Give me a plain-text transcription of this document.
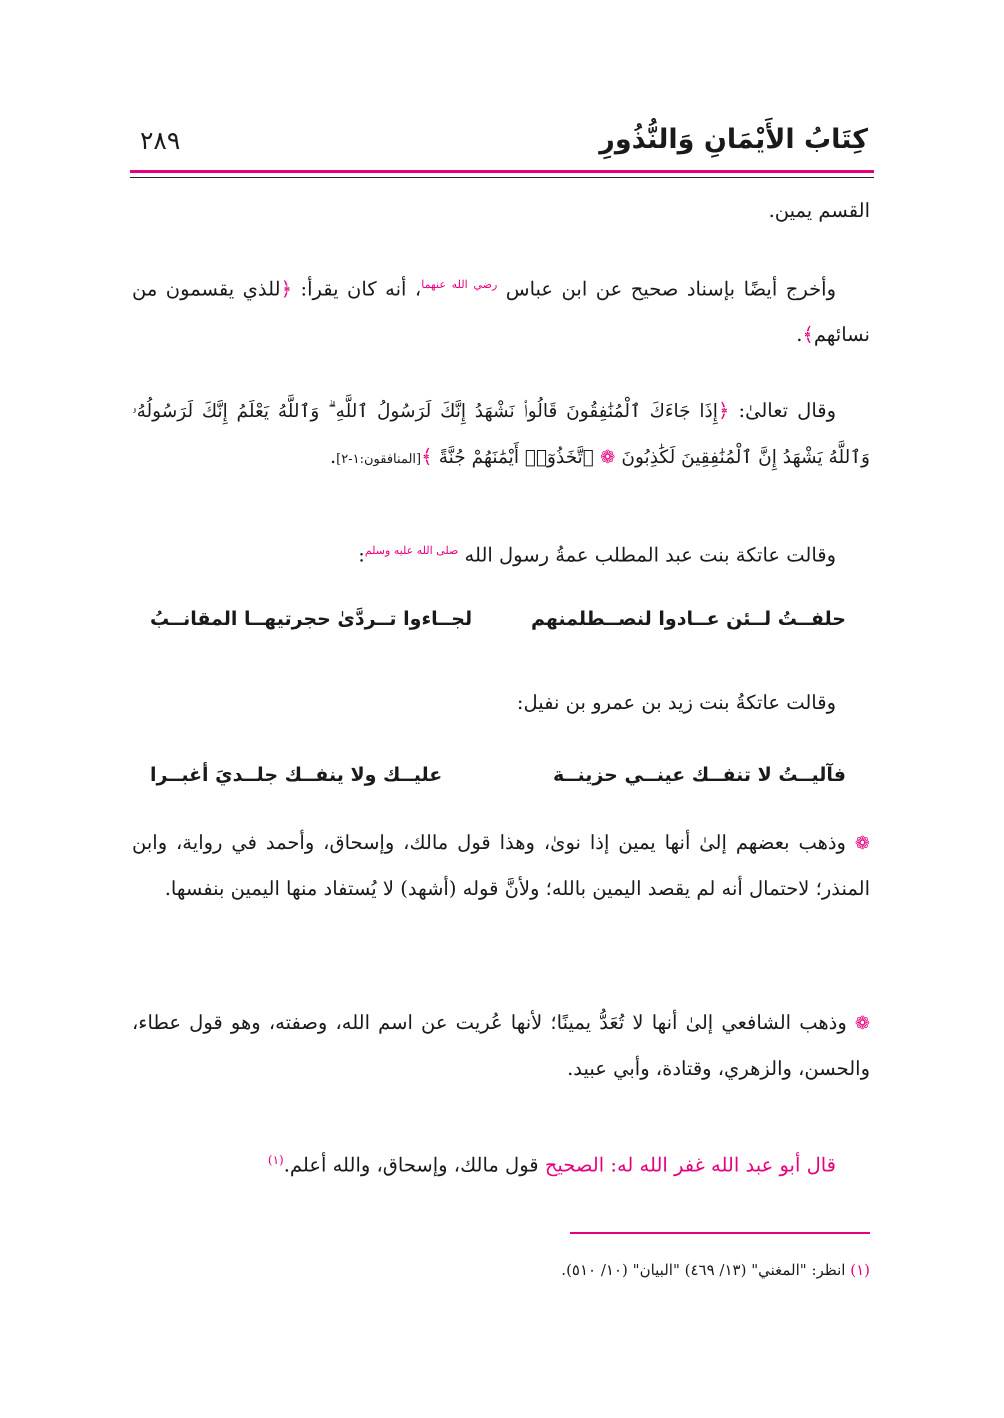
كِتَابُ الأَيْمَانِ وَالنُّذُورِ
٢٨٩
القسم يمين.
وأخرج أيضًا بإسناد صحيح عن ابن عباس $^{رضي الله عنهما}$، أنه كان يقرأ: ﴿للذي يقسمون من نسائهم﴾.
وقال تعالىٰ: ﴿إِذَا جَاءَكَ ٱلْمُنَٰفِقُونَ قَالُوا۟ نَشْهَدُ إِنَّكَ لَرَسُولُ ٱللَّهِ ۗ وَٱللَّهُ يَعْلَمُ إِنَّكَ لَرَسُولُهُۥ وَٱللَّهُ يَشْهَدُ إِنَّ ٱلْمُنَٰفِقِينَ لَكَٰذِبُونَ ❁ ٱتَّخَذُوٓا۟ أَيْمَٰنَهُمْ جُنَّةً ﴾[المنافقون:١-٢].
وقالت عاتكة بنت عبد المطلب عمةُ رسول الله $^{صلى الله عليه وسلم}$:
حلفــتُ لــئن عــادوا لنصــطلمنهم
لجــاءوا تــردَّىٰ حجرتيهــا المقانــبُ
وقالت عاتكةُ بنت زيد بن عمرو بن نفيل:
فآليــتُ لا تنفــك عينــي حزينــة
عليــك ولا ينفــك جلــديَ أغبــرا
❁ وذهب بعضهم إلىٰ أنها يمين إذا نوىٰ، وهذا قول مالك، وإسحاق، وأحمد في رواية، وابن المنذر؛ لاحتمال أنه لم يقصد اليمين بالله؛ ولأنَّ قوله (أشهد) لا يُستفاد منها اليمين بنفسها.
❁ وذهب الشافعي إلىٰ أنها لا تُعَدُّ يمينًا؛ لأنها عُريت عن اسم الله، وصفته، وهو قول عطاء، والحسن، والزهري، وقتادة، وأبي عبيد.
قال أبو عبد الله غفر الله له: الصحيح قول مالك، وإسحاق، والله أعلم.$^{(١)}$
(١) انظر: "المغني" (١٣/ ٤٦٩) "البيان" (١٠/ ٥١٠).
